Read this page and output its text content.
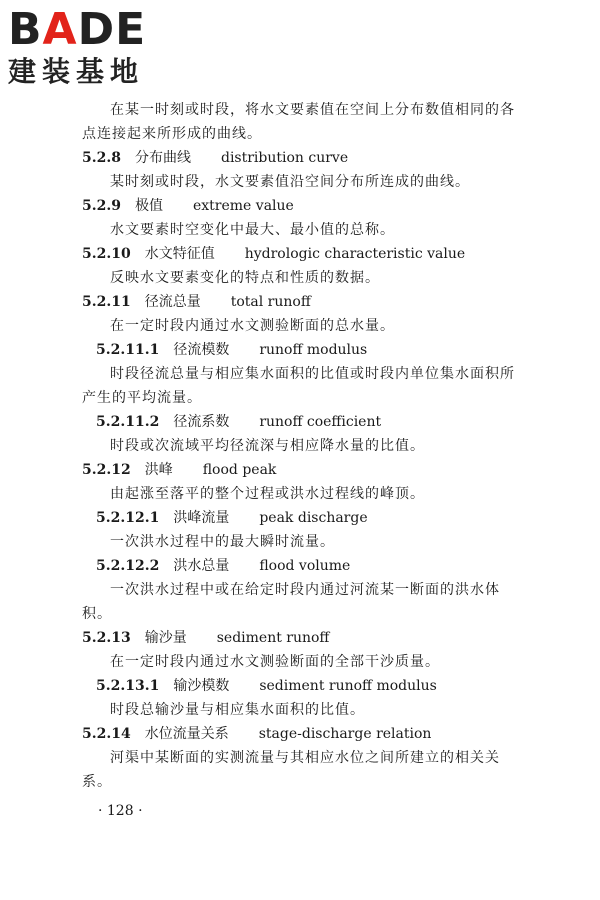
BADE
建装基地

在某一时刻或时段，将水文要素值在空间上分布数值相同的各点连接起来所形成的曲线。

5.2.8 分布曲线 distribution curve

某时刻或时段，水文要素值沿空间分布所连成的曲线。

5.2.9 极值 extreme value

水文要素时空变化中最大、最小值的总称。

5.2.10 水文特征值 hydrologic characteristic value

反映水文要素变化的特点和性质的数据。

5.2.11 径流总量 total runoff

在一定时段内通过水文测验断面的总水量。

5.2.11.1 径流模数 runoff modulus

时段径流总量与相应集水面积的比值或时段内单位集水面积所产生的平均流量。

5.2.11.2 径流系数 runoff coefficient

时段或次流域平均径流深与相应降水量的比值。

5.2.12 洪峰 flood peak

由起涨至落平的整个过程或洪水过程线的峰顶。

5.2.12.1 洪峰流量 peak discharge

一次洪水过程中的最大瞬时流量。

5.2.12.2 洪水总量 flood volume

一次洪水过程中或在给定时段内通过河流某一断面的洪水体积。

5.2.13 输沙量 sediment runoff

在一定时段内通过水文测验断面的全部干沙质量。

5.2.13.1 输沙模数 sediment runoff modulus

时段总输沙量与相应集水面积的比值。

5.2.14 水位流量关系 stage-discharge relation

河渠中某断面的实测流量与其相应水位之间所建立的相关关系。

· 128 ·
